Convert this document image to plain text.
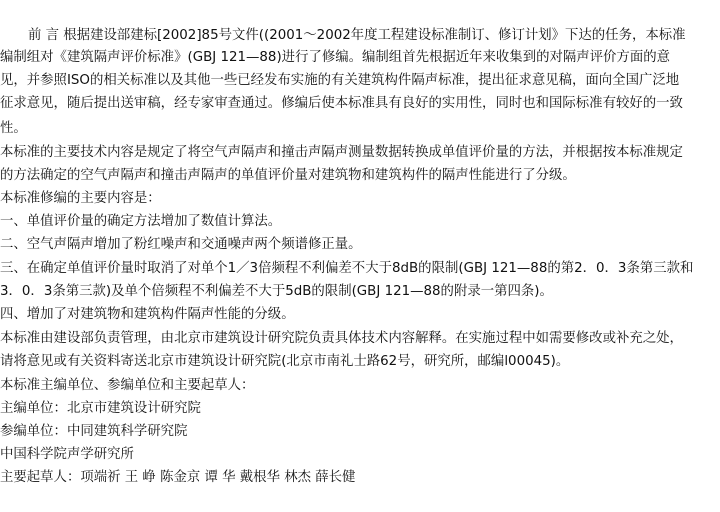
前 言 根据建设部建标[2002]85号文件((2001～2002年度工程建设标准制订、修订计划》下达的任务，本标准
编制组对《建筑隔声评价标准》(GBJ 121—88)进行了修编。编制组首先根据近年来收集到的对隔声评价方面的意
见，并参照ISO的相关标准以及其他一些已经发布实施的有关建筑构件隔声标准，提出征求意见稿，面向全国广泛地
征求意见，随后提出送审稿，经专家审查通过。修编后使本标准具有良好的实用性，同时也和国际标准有较好的一致
性。
本标准的主要技术内容是规定了将空气声隔声和撞击声隔声测量数据转换成单值评价量的方法，并根据按本标准规定
的方法确定的空气声隔声和撞击声隔声的单值评价量对建筑物和建筑构件的隔声性能进行了分级。
本标准修编的主要内容是：
一、单值评价量的确定方法增加了数值计算法。
二、空气声隔声增加了粉红噪声和交通噪声两个频谱修正量。
三、在确定单值评价量时取消了对单个1／3倍频程不利偏差不大于8dB的限制(GBJ 121—88的第2．0．3条第三款和
3．0．3条第三款)及单个倍频程不利偏差不大于5dB的限制(GBJ 121—88的附录一第四条)。
四、增加了对建筑物和建筑构件隔声性能的分级。
本标准由建设部负责管理，由北京市建筑设计研究院负责具体技术内容解释。在实施过程中如需要修改或补充之处，
请将意见或有关资料寄送北京市建筑设计研究院(北京市南礼士路62号，研究所，邮编l00045)。
本标准主编单位、参编单位和主要起草人：
主编单位：北京市建筑设计研究院
参编单位：中同建筑科学研究院
中国科学院声学研究所
主要起草人：项端祈 王 峥 陈金京 谭 华 戴根华 林杰 薛长健
